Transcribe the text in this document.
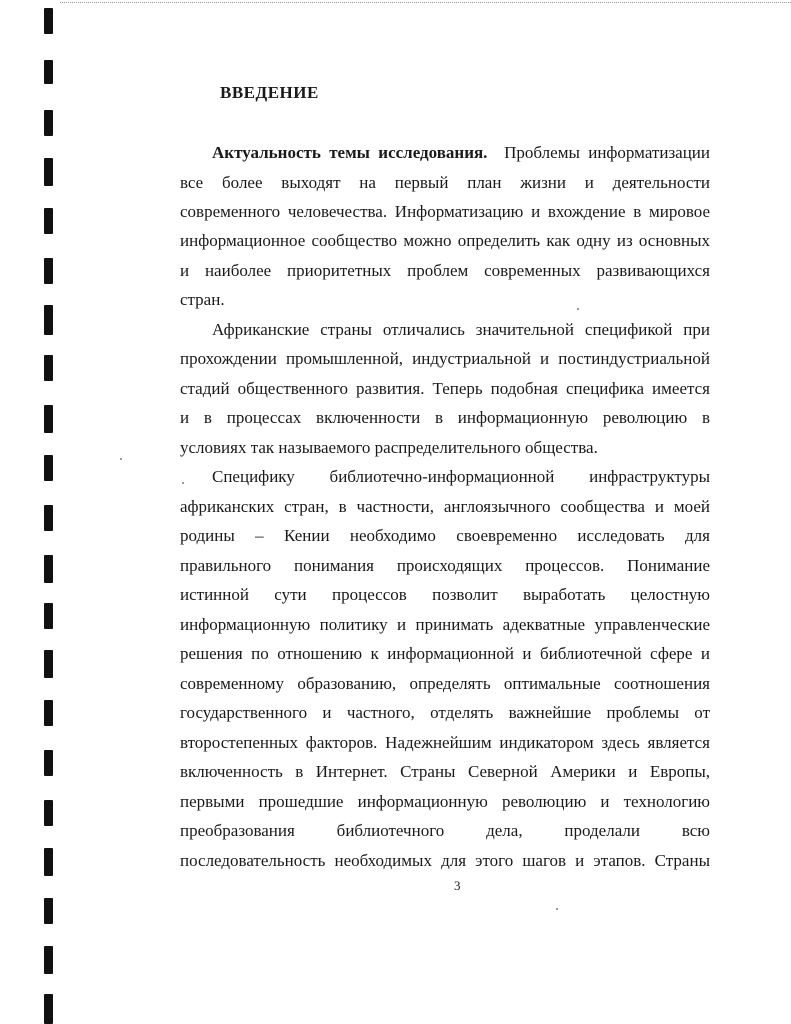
ВВЕДЕНИЕ
Актуальность темы исследования. Проблемы информатизации
все более выходят на первый план жизни и деятельности
современного человечества. Информатизацию и вхождение в мировое
информационное сообщество можно определить как одну из основных
и наиболее приоритетных проблем современных развивающихся
стран.
Африканские страны отличались значительной спецификой при
прохождении промышленной, индустриальной и постиндустриальной
стадий общественного развития. Теперь подобная специфика имеется
и в процессах включенности в информационную революцию в
условиях так называемого распределительного общества.
Специфику библиотечно-информационной инфраструктуры
африканских стран, в частности, англоязычного сообщества и моей
родины – Кении необходимо своевременно исследовать для
правильного понимания происходящих процессов. Понимание
истинной сути процессов позволит выработать целостную
информационную политику и принимать адекватные управленческие
решения по отношению к информационной и библиотечной сфере и
современному образованию, определять оптимальные соотношения
государственного и частного, отделять важнейшие проблемы от
второстепенных факторов. Надежнейшим индикатором здесь является
включенность в Интернет. Страны Северной Америки и Европы,
первыми прошедшие информационную революцию и технологию
преобразования библиотечного дела, проделали всю
последовательность необходимых для этого шагов и этапов. Страны
3
